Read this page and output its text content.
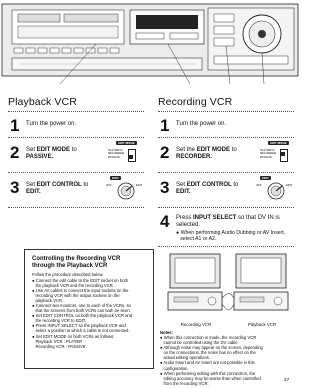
Playback VCR
1 Turn the power on.
2 Set EDIT MODE to
PASSIVE.
EDIT MODE
PLAYBACK
RECORDER
PASSIVE
3 Set EDIT CONTROL to
EDIT.
EDIT
OFF	EDIT
Recording VCR
1 Turn the power on.
2 Set the EDIT MODE to
RECORDER.
EDIT MODE
PLAYBACK
RECORDER
PASSIVE
3 Set EDIT CONTROL to
EDIT.
EDIT
OFF	EDIT
4 Press INPUT SELECT so that DV IN is
selected.
● When performing Audio Dubbing or AV Insert,
select A1 or A2.
Controlling the Recording VCR
through the Playback VCR
Follow the procedure described below.
● Connect the edit cable to the EDIT socket on both
the playback VCR and the recording VCR.
● Use AV cables to connect the input sockets on the
recording VCR with the output sockets on the
playback VCR.
● Connect two monitors, one to each of the VCRs, so
that the screens from both VCRs can both be seen.
● Set EDIT CONTROL on both the playback VCR and
the recording VCR to EDIT.
● Press INPUT SELECT so the playback VCR and
select a position to which a cable is not connected.
● Set EDIT MODE on both VCRs as follows:
Playback VCR : PLAYER
Recording VCR : PASSIVE
Recording VCR	Playback VCR
Notes:
● When this connection is made, the recording VCR
cannot be controlled using the DV cable.
● Although noise may appear on the screen, depending
on the connections, the noise has no effect on the
actual editing operations.
● Audio Insert and AV Insert are not possible in this
configuration.
● When performing editing with this connection, the
editing accuracy may be worse than when controlled
from the recording VCR.
27
